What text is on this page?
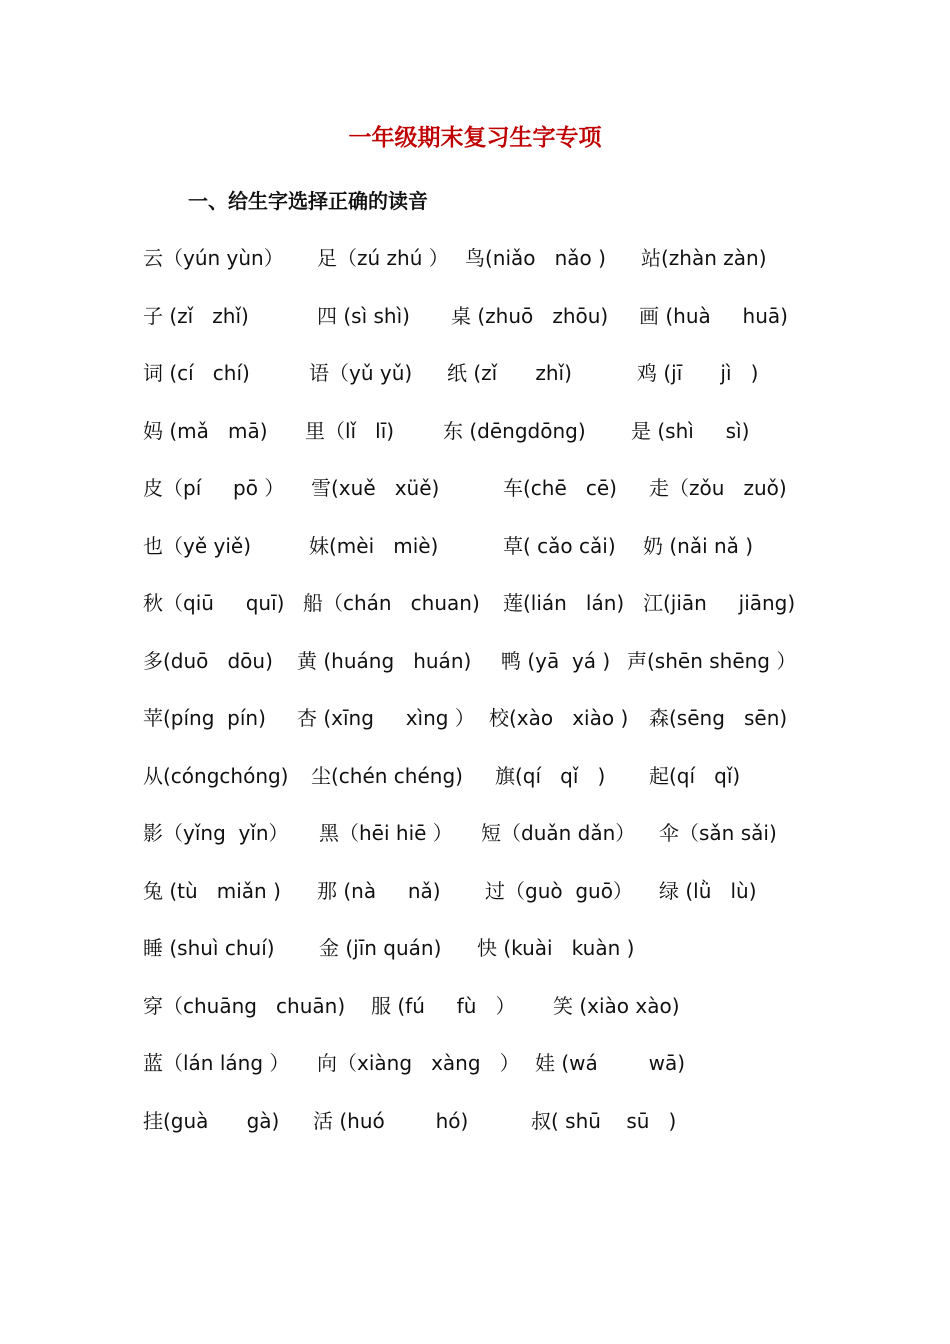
一年级期末复习生字专项
一、给生字选择正确的读音
云（yún yùn） 足（zú zhú ） 鸟(niǎo   nǎo ) 站(zhàn zàn)
子 (zǐ   zhǐ)	四 (sì shì) 桌 (zhuō   zhōu) 画 (huà     huā)
词 (cí   chí)	语（yǔ yǔ) 纸 (zǐ      zhǐ)	鸡 (jī      jì   )
妈 (mǎ   mā) 里（lǐ   lī) 东 (dēngdōng) 是 (shì     sì)
皮（pí     pō ） 雪(xuě   xüě)	车(chē   cē) 走（zǒu   zuǒ)
也（yě yiě)	妹(mèi   miè)	草( cǎo cǎi) 奶 (nǎi nǎ )
秋（qiū     quī) 船（chán   chuan) 莲(lián   lán) 江(jiān     jiāng)
多(duō   dōu) 黄 (huáng   huán) 鸭 (yā  yá ) 声(shēn shēng ）
苹(píng  pín) 杏 (xīng     xìng ） 校(xào   xiào ) 森(sēng   sēn)
从(cóngchóng) 尘(chén chéng) 旗(qí   qǐ   ) 起(qí   qǐ)
影（yǐng  yǐn） 黑（hēi hiē ） 短（duǎn dǎn） 伞（sǎn sǎi)
兔 (tù   miǎn ) 那 (nà     nǎ) 过（guò  guō） 绿 (lǜ   lù)
睡 (shuì chuí) 金 (jīn quán) 快 (kuài   kuàn )
穿（chuāng   chuān) 服 (fú     fù   ） 笑 (xiào xào)
蓝（lán láng ） 向（xiàng   xàng   ） 娃 (wá        wā)
挂(guà      gà) 活 (huó        hó)	叔( shū    sū   )
